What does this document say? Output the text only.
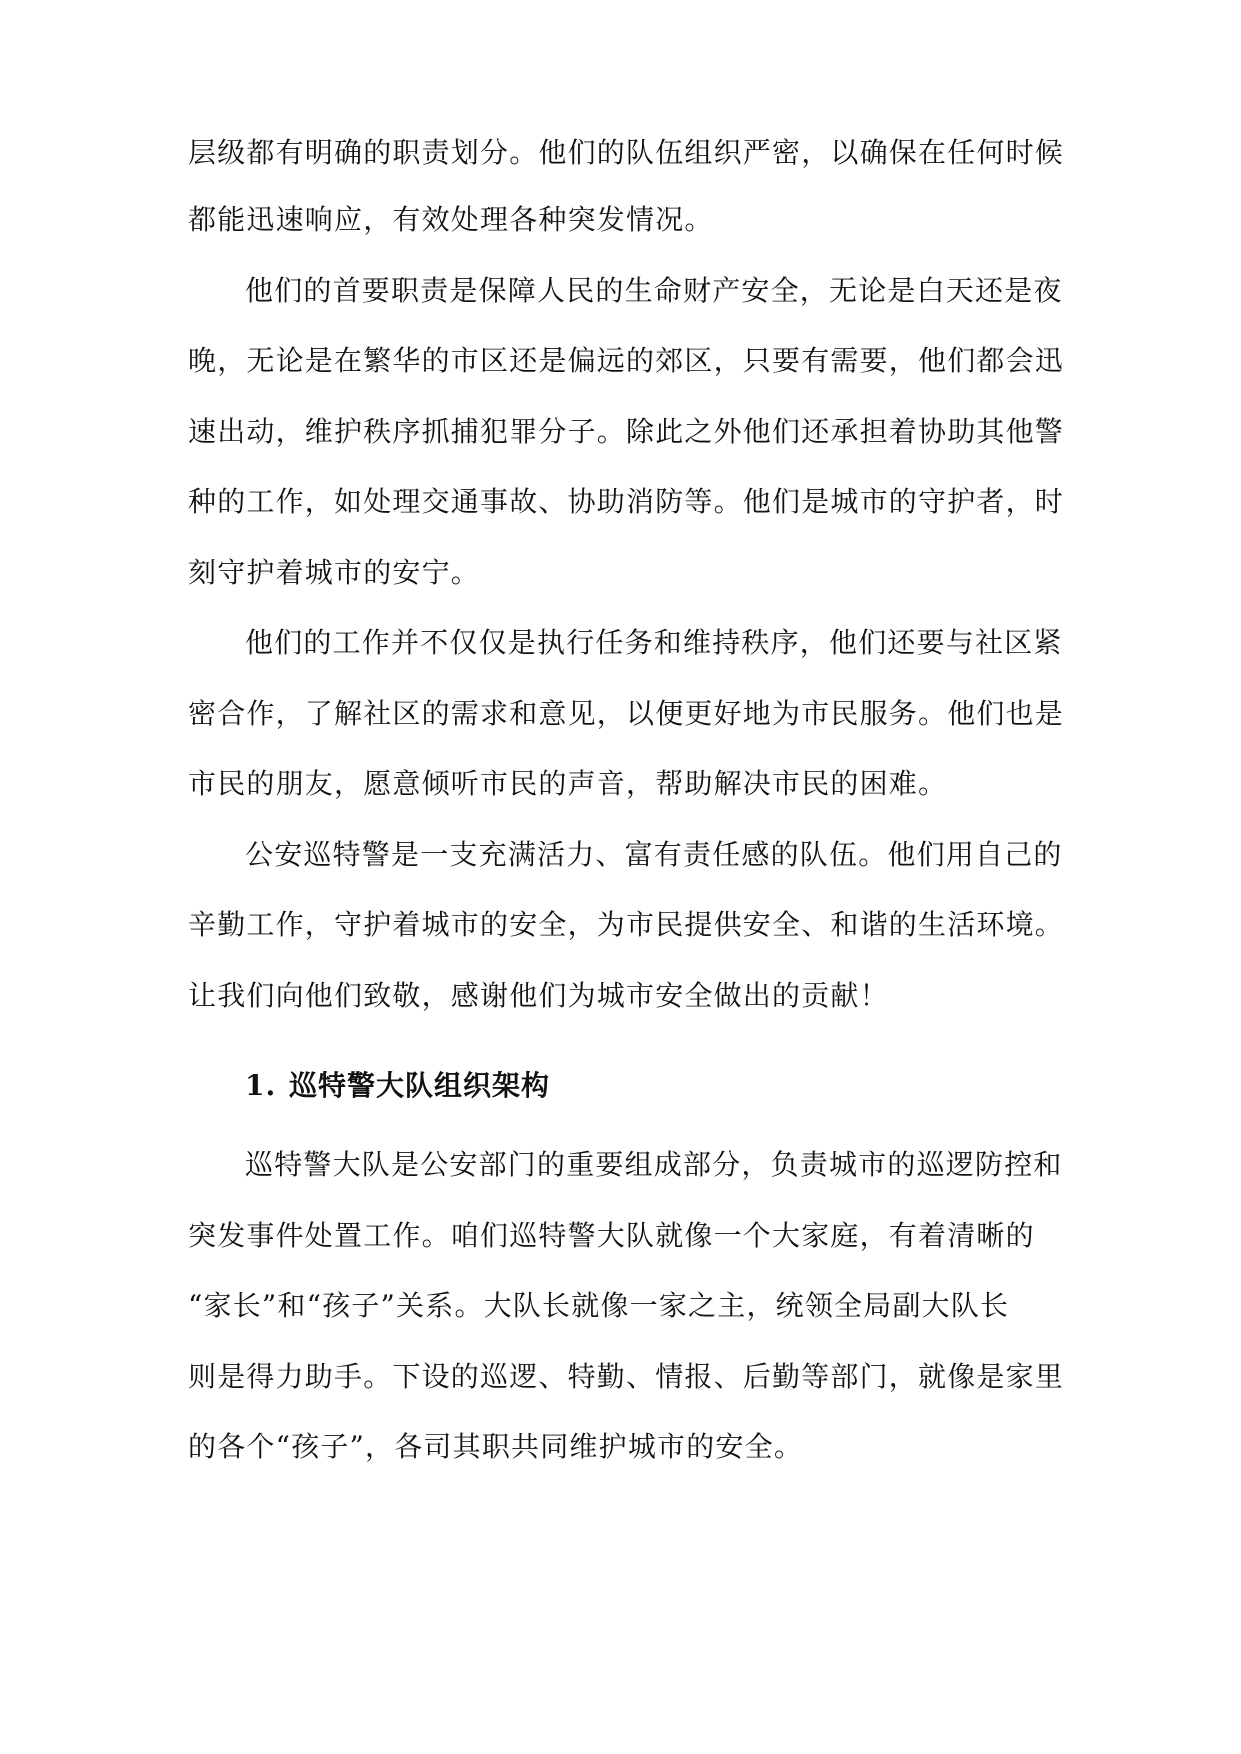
层级都有明确的职责划分。他们的队伍组织严密，以确保在任何时候
都能迅速响应，有效处理各种突发情况。
他们的首要职责是保障人民的生命财产安全，无论是白天还是夜
晚，无论是在繁华的市区还是偏远的郊区，只要有需要，他们都会迅
速出动，维护秩序抓捕犯罪分子。除此之外他们还承担着协助其他警
种的工作，如处理交通事故、协助消防等。他们是城市的守护者，时
刻守护着城市的安宁。
他们的工作并不仅仅是执行任务和维持秩序，他们还要与社区紧
密合作，了解社区的需求和意见，以便更好地为市民服务。他们也是
市民的朋友，愿意倾听市民的声音，帮助解决市民的困难。
公安巡特警是一支充满活力、富有责任感的队伍。他们用自己的
辛勤工作，守护着城市的安全，为市民提供安全、和谐的生活环境。
让我们向他们致敬，感谢他们为城市安全做出的贡献！
1. 巡特警大队组织架构
巡特警大队是公安部门的重要组成部分，负责城市的巡逻防控和
突发事件处置工作。咱们巡特警大队就像一个大家庭，有着清晰的
“家长”和“孩子”关系。大队长就像一家之主，统领全局副大队长
则是得力助手。下设的巡逻、特勤、情报、后勤等部门，就像是家里
的各个“孩子”，各司其职共同维护城市的安全。
